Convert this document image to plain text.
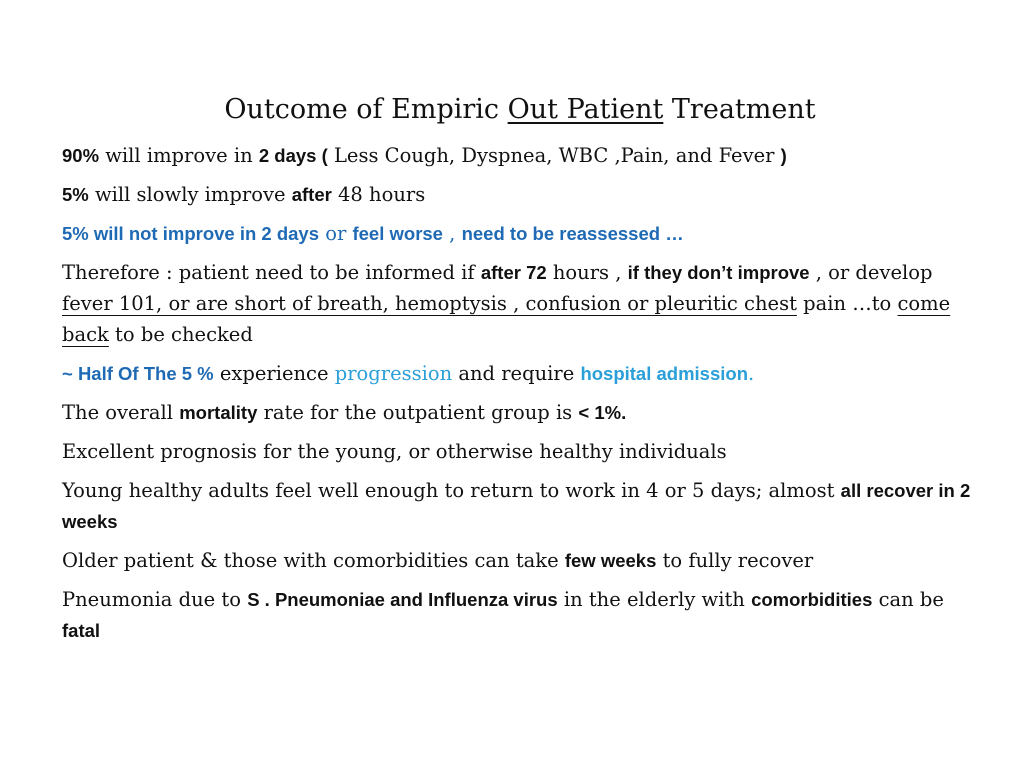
Outcome of Empiric Out Patient Treatment

90% will improve in 2 days ( Less Cough, Dyspnea, WBC ,Pain, and Fever )

5% will slowly improve after 48 hours

5% will not improve in 2 days or feel worse , need to be reassessed …

Therefore : patient need to be informed if after 72 hours , if they don’t improve , or develop fever 101, or are short of breath, hemoptysis , confusion or pleuritic chest pain …to come back to be checked

~ Half Of The 5 % experience progression and require hospital admission.

The overall mortality rate for the outpatient group is < 1%.

Excellent prognosis for the young, or otherwise healthy individuals

Young healthy adults feel well enough to return to work in 4 or 5 days; almost all recover in 2 weeks

Older patient & those with comorbidities can take few weeks to fully recover

Pneumonia due to S . Pneumoniae and Influenza virus in the elderly with comorbidities can be fatal
